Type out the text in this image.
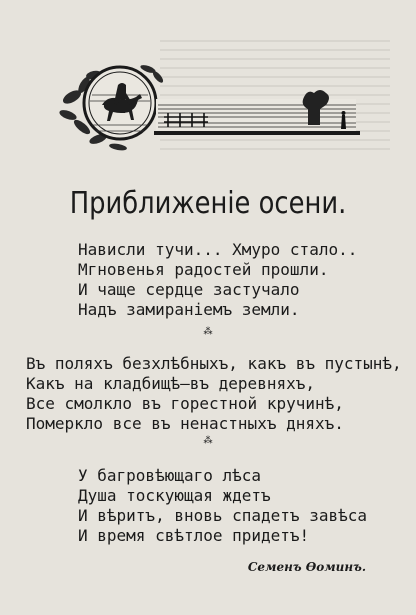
Приближеніе осени.
Нависли тучи... Хмуро стало..
Мгновенья радостей прошли.
И чаще сердце застучало
Надъ замираніемъ земли.
⁂
Въ поляхъ безхлѣбныхъ, какъ въ пустынѣ,
Какъ на кладбищѣ—въ деревняхъ,
Все смолкло въ горестной кручинѣ,
Померкло все въ ненастныхъ дняхъ.
⁂
У багровѣющаго лѣса
Душа тоскующая ждетъ
И вѣритъ, вновь спадетъ завѣса
И время свѣтлое придетъ!
Семенъ Ѳоминъ.
